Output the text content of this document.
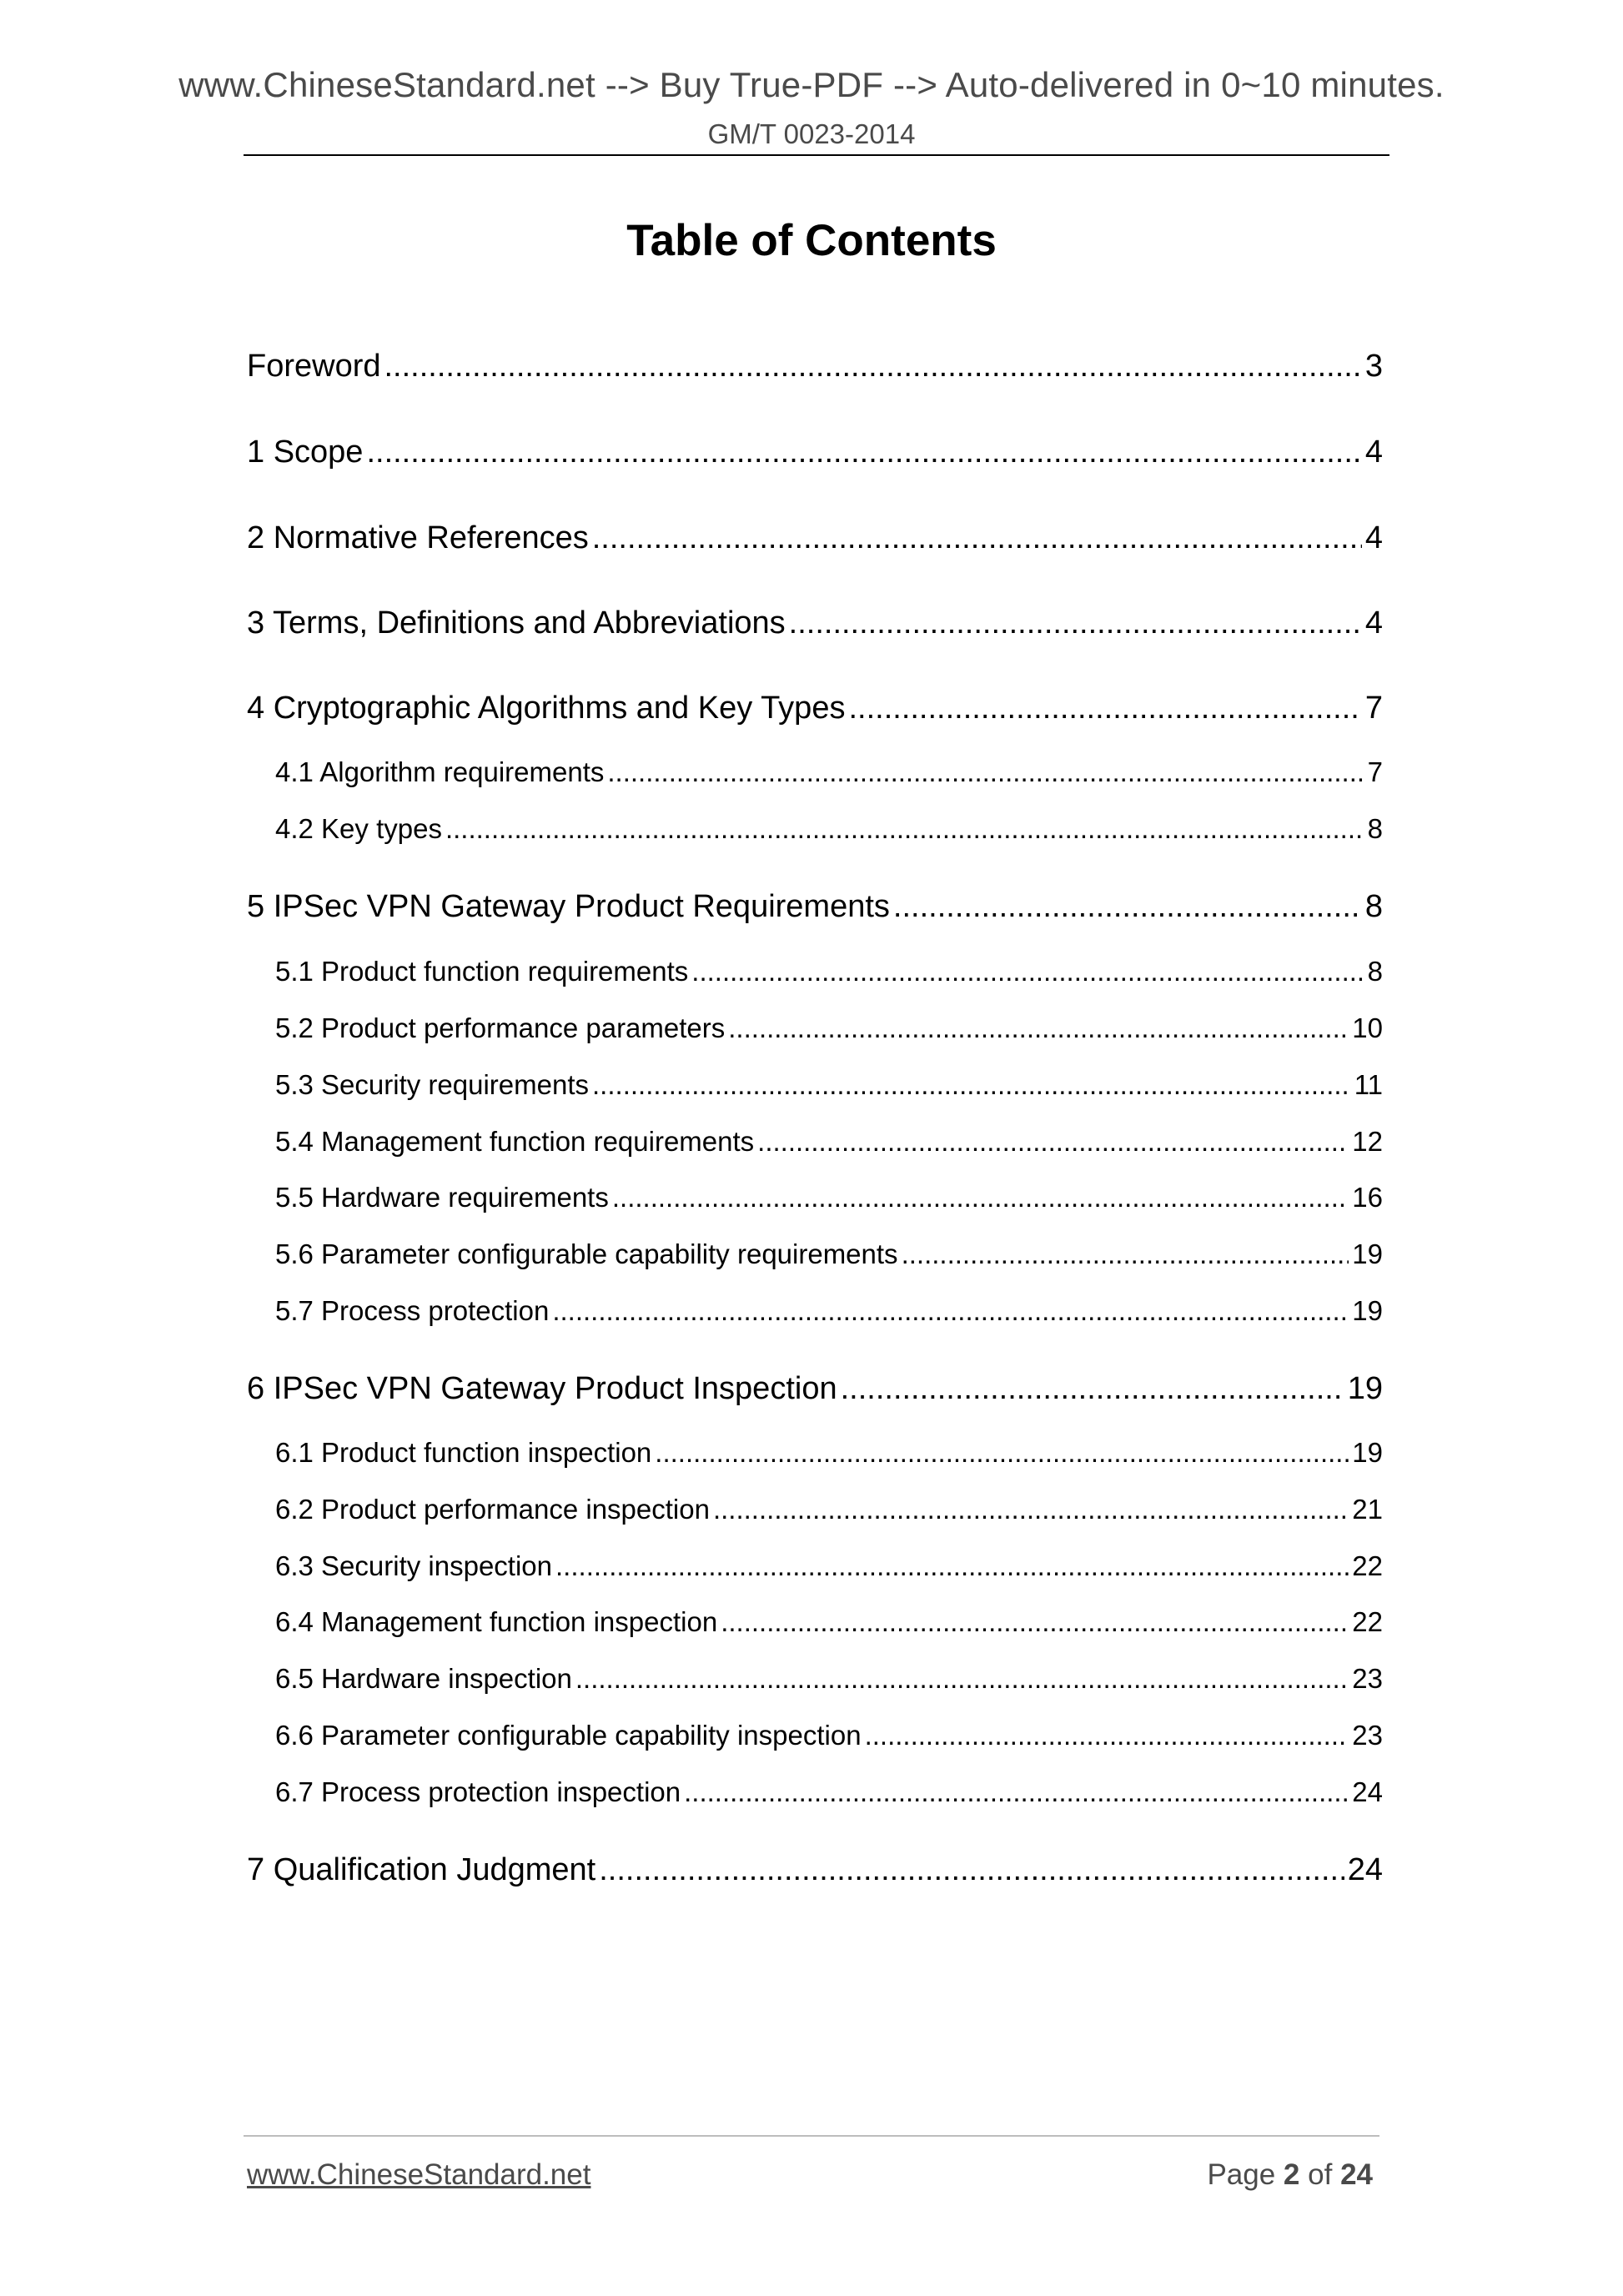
www.ChineseStandard.net --> Buy True-PDF --> Auto-delivered in 0~10 minutes.
GM/T 0023-2014
Table of Contents
Foreword .....	3
1 Scope .....	4
2 Normative References .....	4
3 Terms, Definitions and Abbreviations .....	4
4 Cryptographic Algorithms and Key Types .....	7
4.1 Algorithm requirements .....	7
4.2 Key types .....	8
5 IPSec VPN Gateway Product Requirements .....	8
5.1 Product function requirements .....	8
5.2 Product performance parameters .....	10
5.3 Security requirements .....	11
5.4 Management function requirements .....	12
5.5 Hardware requirements .....	16
5.6 Parameter configurable capability requirements .....	19
5.7 Process protection .....	19
6 IPSec VPN Gateway Product Inspection .....	19
6.1 Product function inspection .....	19
6.2 Product performance inspection .....	21
6.3 Security inspection .....	22
6.4 Management function inspection .....	22
6.5 Hardware inspection .....	23
6.6 Parameter configurable capability inspection .....	23
6.7 Process protection inspection .....	24
7 Qualification Judgment .....	24
www.ChineseStandard.net	Page 2 of 24
